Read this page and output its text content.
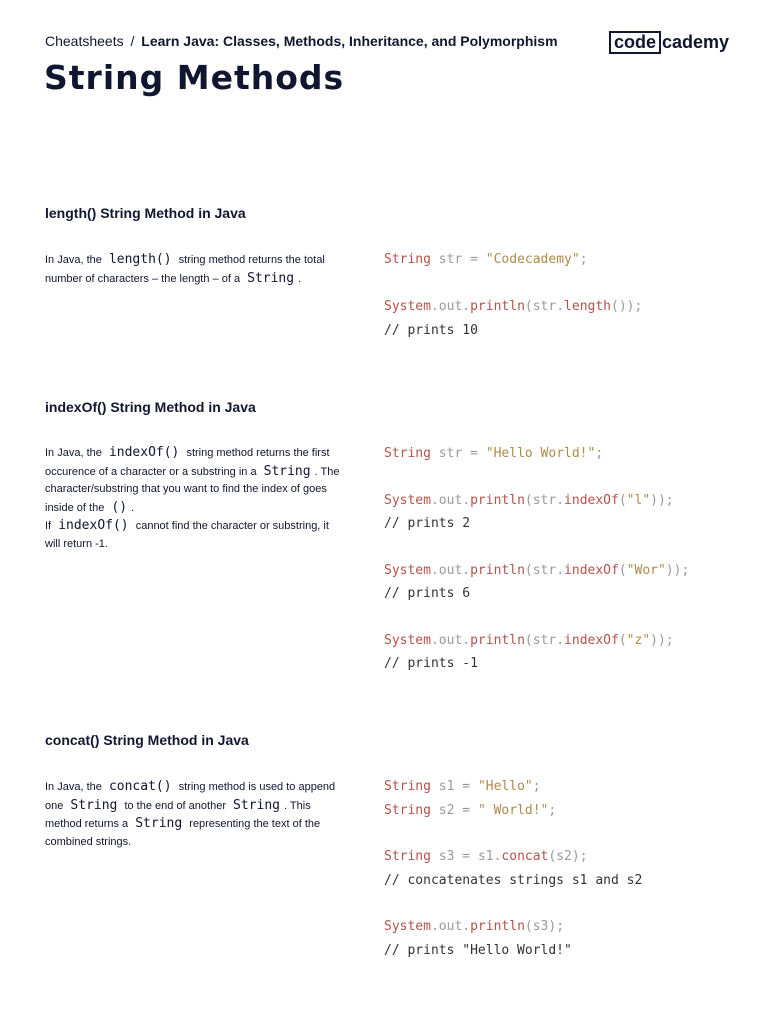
Cheatsheets / Learn Java: Classes, Methods, Inheritance, and Polymorphism	code cademy
String Methods
length() String Method in Java

In Java, the length() string method returns the total number of characters – the length – of a String .

String str = "Codecademy";

System.out.println(str.length());

// prints 10

indexOf() String Method in Java

In Java, the indexOf() string method returns the first occurence of a character or a substring in a String . The character/substring that you want to find the index of goes inside of the () .
If indexOf() cannot find the character or substring, it will return -1.

String str = "Hello World!";

System.out.println(str.indexOf("l"));

// prints 2

System.out.println(str.indexOf("Wor"));

// prints 6

System.out.println(str.indexOf("z"));

// prints -1

concat() String Method in Java

In Java, the concat() string method is used to append one String to the end of another String . This method returns a String representing the text of the combined strings.

String s1 = "Hello";

String s2 = " World!";

String s3 = s1.concat(s2);

// concatenates strings s1 and s2

System.out.println(s3);

// prints "Hello World!"
